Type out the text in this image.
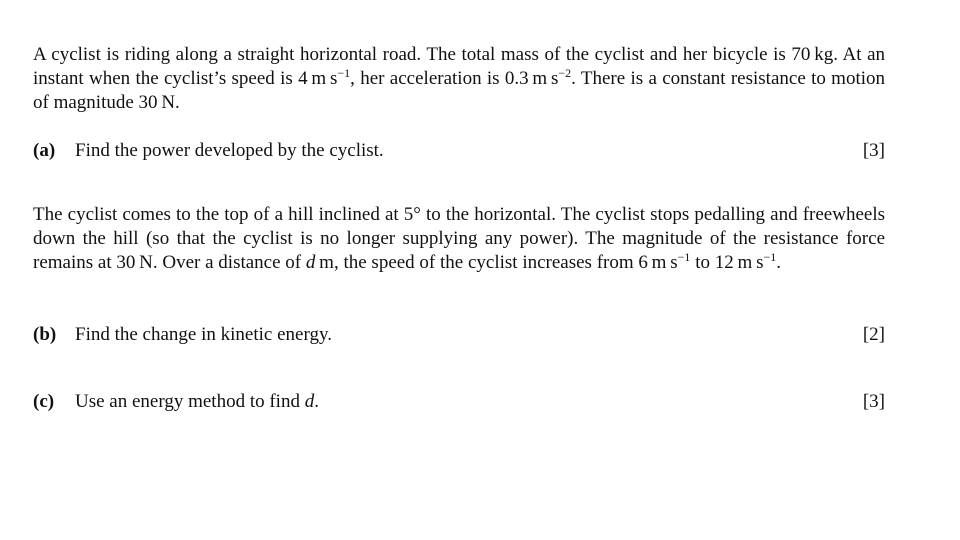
A cyclist is riding along a straight horizontal road. The total mass of the cyclist and her bicycle is 70 kg. At an instant when the cyclist’s speed is 4 m $s^{-1}$, her acceleration is 0.3 m $s^{-2}$. There is a constant resistance to motion of magnitude 30 N.

(a) Find the power developed by the cyclist.	[3]

The cyclist comes to the top of a hill inclined at 5° to the horizontal. The cyclist stops pedalling and freewheels down the hill (so that the cyclist is no longer supplying any power). The magnitude of the resistance force remains at 30 N. Over a distance of d m, the speed of the cyclist increases from 6 m $s^{-1}$ to 12 m $s^{-1}$.

(b) Find the change in kinetic energy.	[2]
(c) Use an energy method to find d.	[3]
